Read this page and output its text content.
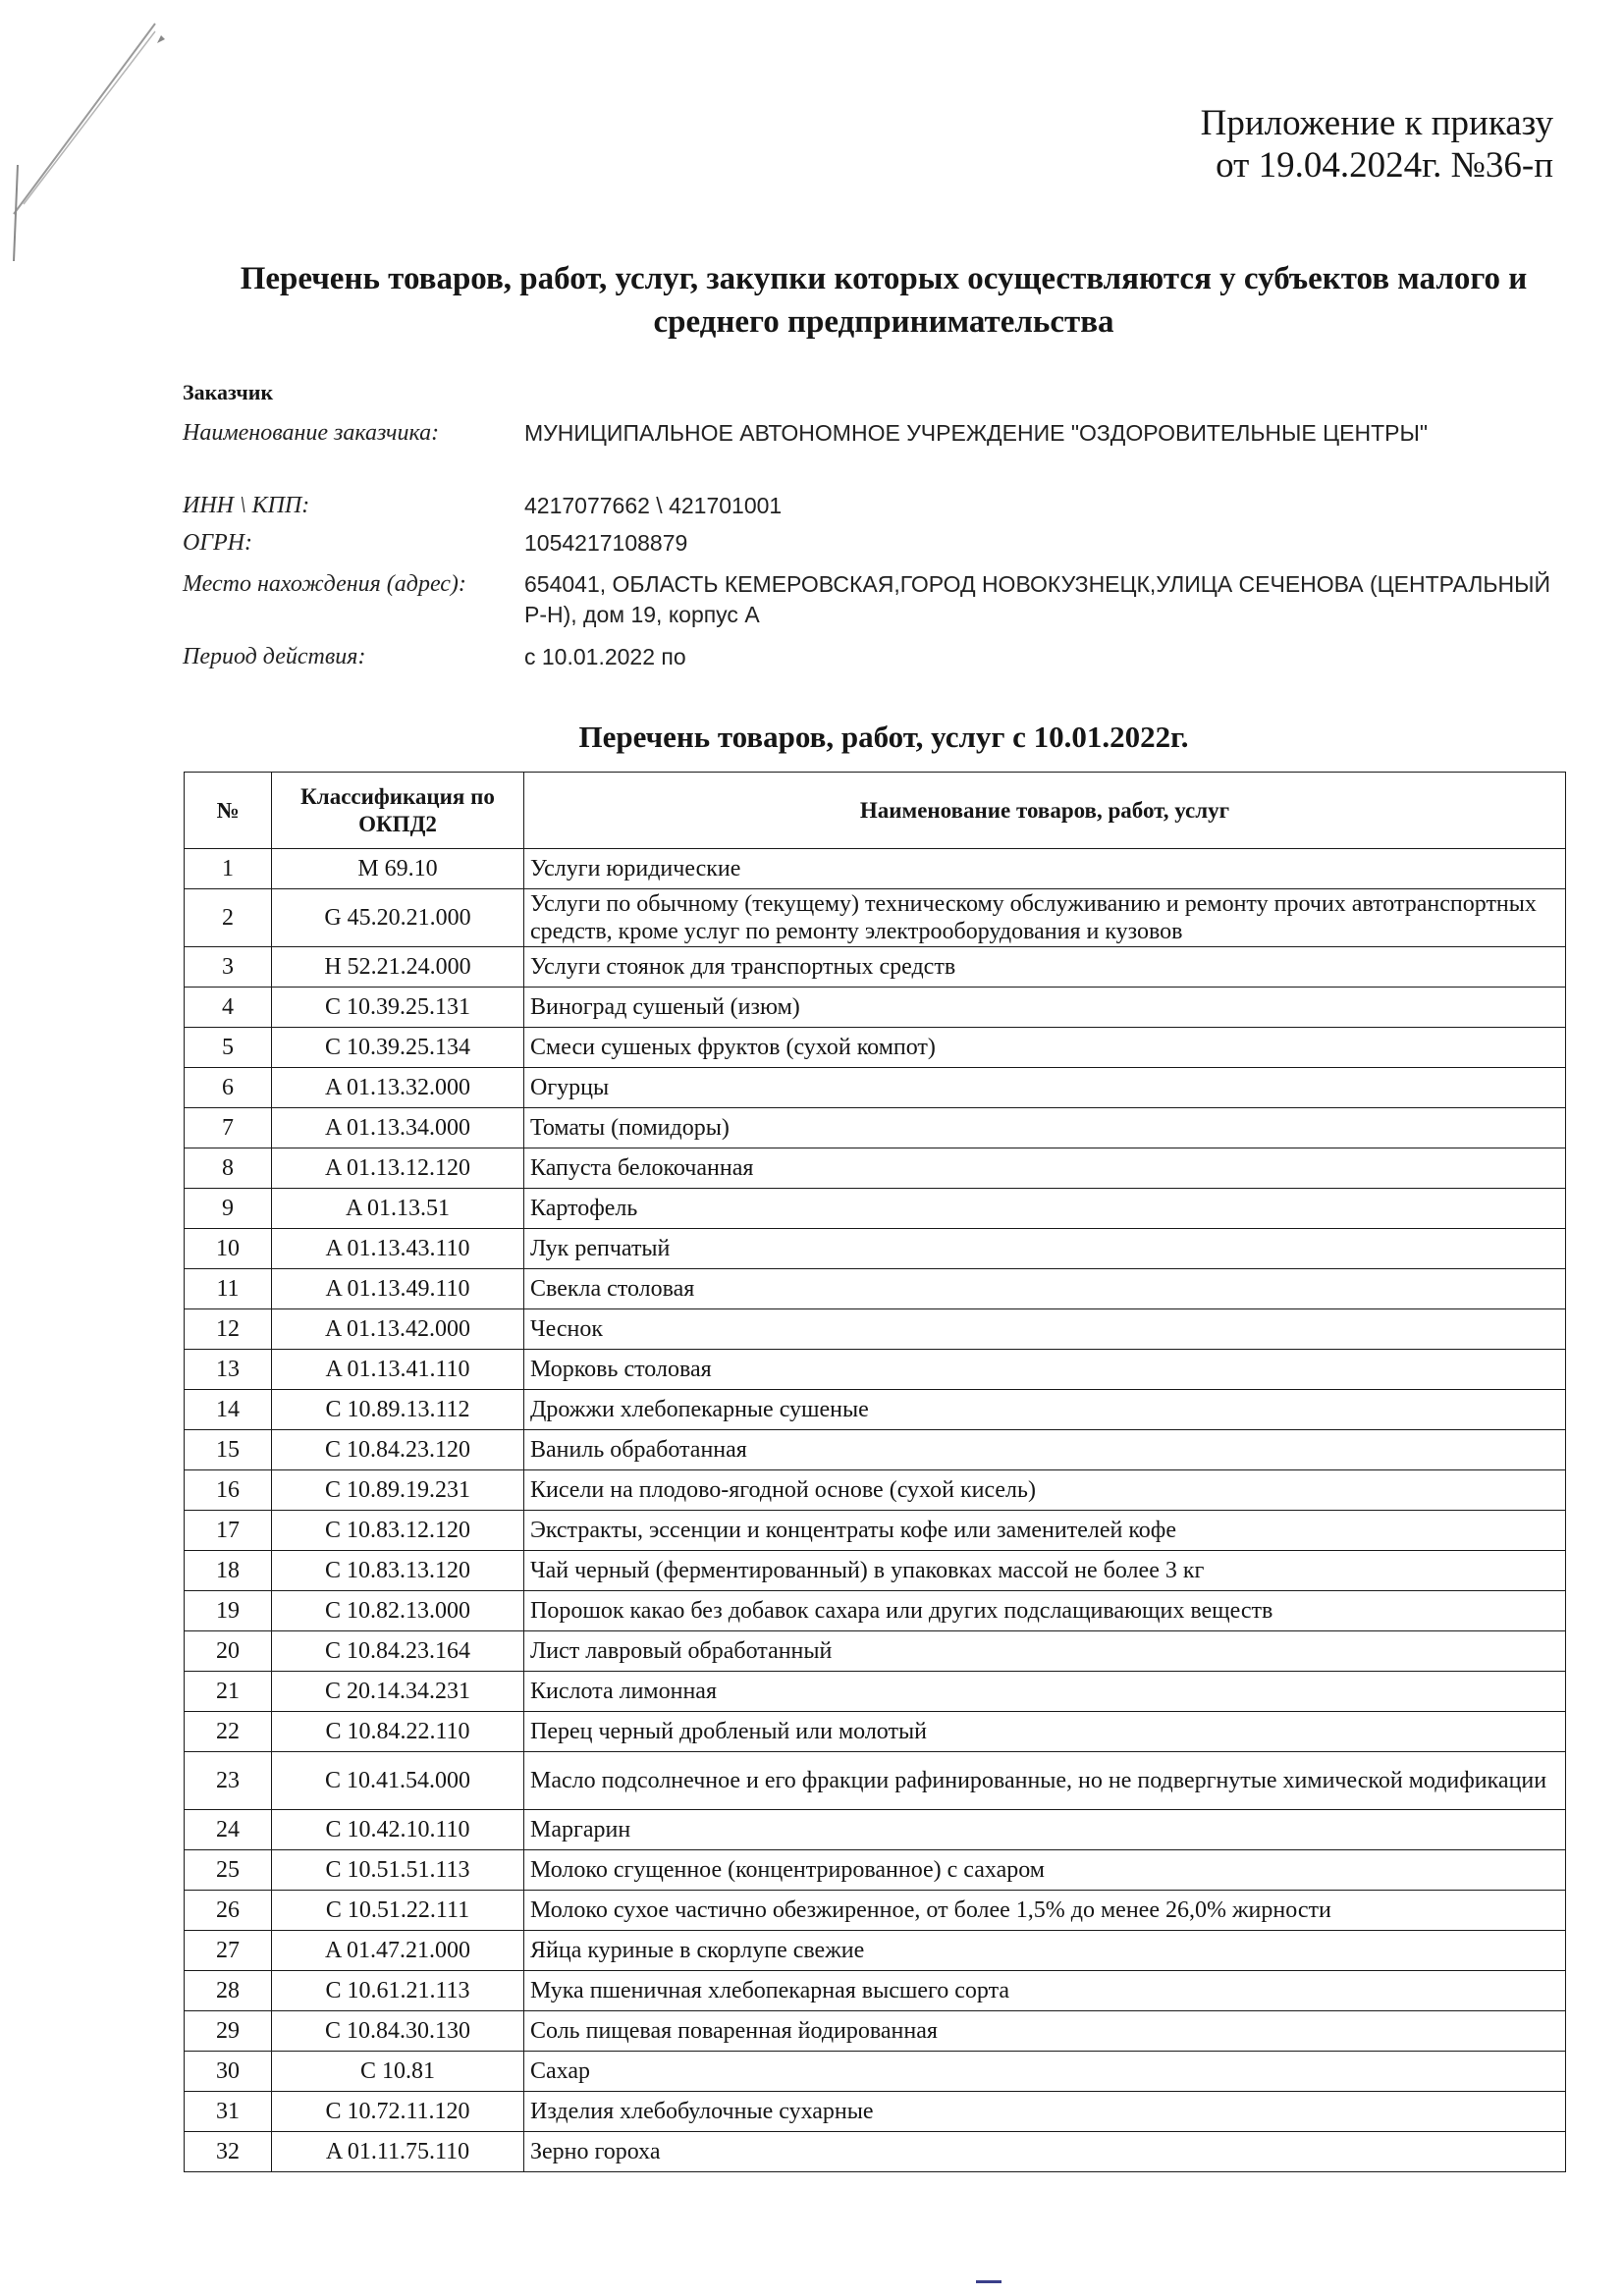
Приложение к приказу
от 19.04.2024г. №36-п
Перечень товаров, работ, услуг, закупки которых осуществляются у субъектов малого и
среднего предпринимательства
Заказчик
Наименование заказчика:	МУНИЦИПАЛЬНОЕ АВТОНОМНОЕ УЧРЕЖДЕНИЕ "ОЗДОРОВИТЕЛЬНЫЕ ЦЕНТРЫ"
ИНН \ КПП:	4217077662 \ 421701001
ОГРН:	1054217108879
Место нахождения (адрес):	654041, ОБЛАСТЬ КЕМЕРОВСКАЯ,ГОРОД НОВОКУЗНЕЦК,УЛИЦА СЕЧЕНОВА (ЦЕНТРАЛЬНЫЙ Р-Н), дом 19, корпус А
Период действия:	с 10.01.2022 по
Перечень товаров, работ, услуг с 10.01.2022г.
№	Классификация по ОКПД2	Наименование товаров, работ, услуг
1	M 69.10	Услуги юридические
2	G 45.20.21.000	Услуги по обычному (текущему) техническому обслуживанию и ремонту прочих автотранспортных средств, кроме услуг по ремонту электрооборудования и кузовов
3	H 52.21.24.000	Услуги стоянок для транспортных средств
4	C 10.39.25.131	Виноград сушеный (изюм)
5	C 10.39.25.134	Смеси сушеных фруктов (сухой компот)
6	A 01.13.32.000	Огурцы
7	A 01.13.34.000	Томаты (помидоры)
8	A 01.13.12.120	Капуста белокочанная
9	A 01.13.51	Картофель
10	A 01.13.43.110	Лук репчатый
11	A 01.13.49.110	Свекла столовая
12	A 01.13.42.000	Чеснок
13	A 01.13.41.110	Морковь столовая
14	C 10.89.13.112	Дрожжи хлебопекарные сушеные
15	C 10.84.23.120	Ваниль обработанная
16	C 10.89.19.231	Кисели на плодово-ягодной основе (сухой кисель)
17	C 10.83.12.120	Экстракты, эссенции и концентраты кофе или заменителей кофе
18	C 10.83.13.120	Чай черный (ферментированный) в упаковках массой не более 3 кг
19	C 10.82.13.000	Порошок какао без добавок сахара или других подслащивающих веществ
20	C 10.84.23.164	Лист лавровый обработанный
21	C 20.14.34.231	Кислота лимонная
22	C 10.84.22.110	Перец черный дробленый или молотый
23	C 10.41.54.000	Масло подсолнечное и его фракции рафинированные, но не подвергнутые химической модификации
24	C 10.42.10.110	Маргарин
25	C 10.51.51.113	Молоко сгущенное (концентрированное) с сахаром
26	C 10.51.22.111	Молоко сухое частично обезжиренное, от более 1,5% до менее 26,0% жирности
27	A 01.47.21.000	Яйца куриные в скорлупе свежие
28	C 10.61.21.113	Мука пшеничная хлебопекарная высшего сорта
29	C 10.84.30.130	Соль пищевая поваренная йодированная
30	C 10.81	Сахар
31	C 10.72.11.120	Изделия хлебобулочные сухарные
32	A 01.11.75.110	Зерно гороха
